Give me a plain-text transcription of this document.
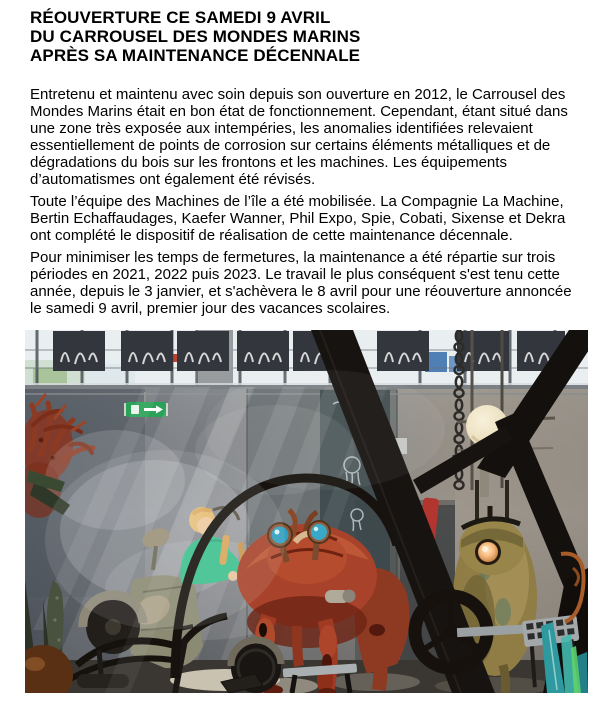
RÉOUVERTURE CE SAMEDI 9 AVRIL
DU CARROUSEL DES MONDES MARINS
APRÈS SA MAINTENANCE DÉCENNALE

Entretenu et maintenu avec soin depuis son ouverture en 2012, le Carrousel des Mondes Marins était en bon état de fonctionnement. Cependant, étant situé dans une zone très exposée aux intempéries, les anomalies identifiées relevaient essentiellement de points de corrosion sur certains éléments métalliques et de dégradations du bois sur les frontons et les machines. Les équipements d’automatismes ont également été révisés.

Toute l’équipe des Machines de l’île a été mobilisée. La Compagnie La Machine, Bertin Echaffaudages, Kaefer Wanner, Phil Expo, Spie, Cobati, Sixense et Dekra ont complété le dispositif de réalisation de cette maintenance décennale.

Pour minimiser les temps de fermetures, la maintenance a été répartie sur trois périodes en 2021, 2022 puis 2023. Le travail le plus conséquent s'est tenu cette année, depuis le 3 janvier, et s'achèvera le 8 avril pour une réouverture annoncée le samedi 9 avril, premier jour des vacances scolaires.
